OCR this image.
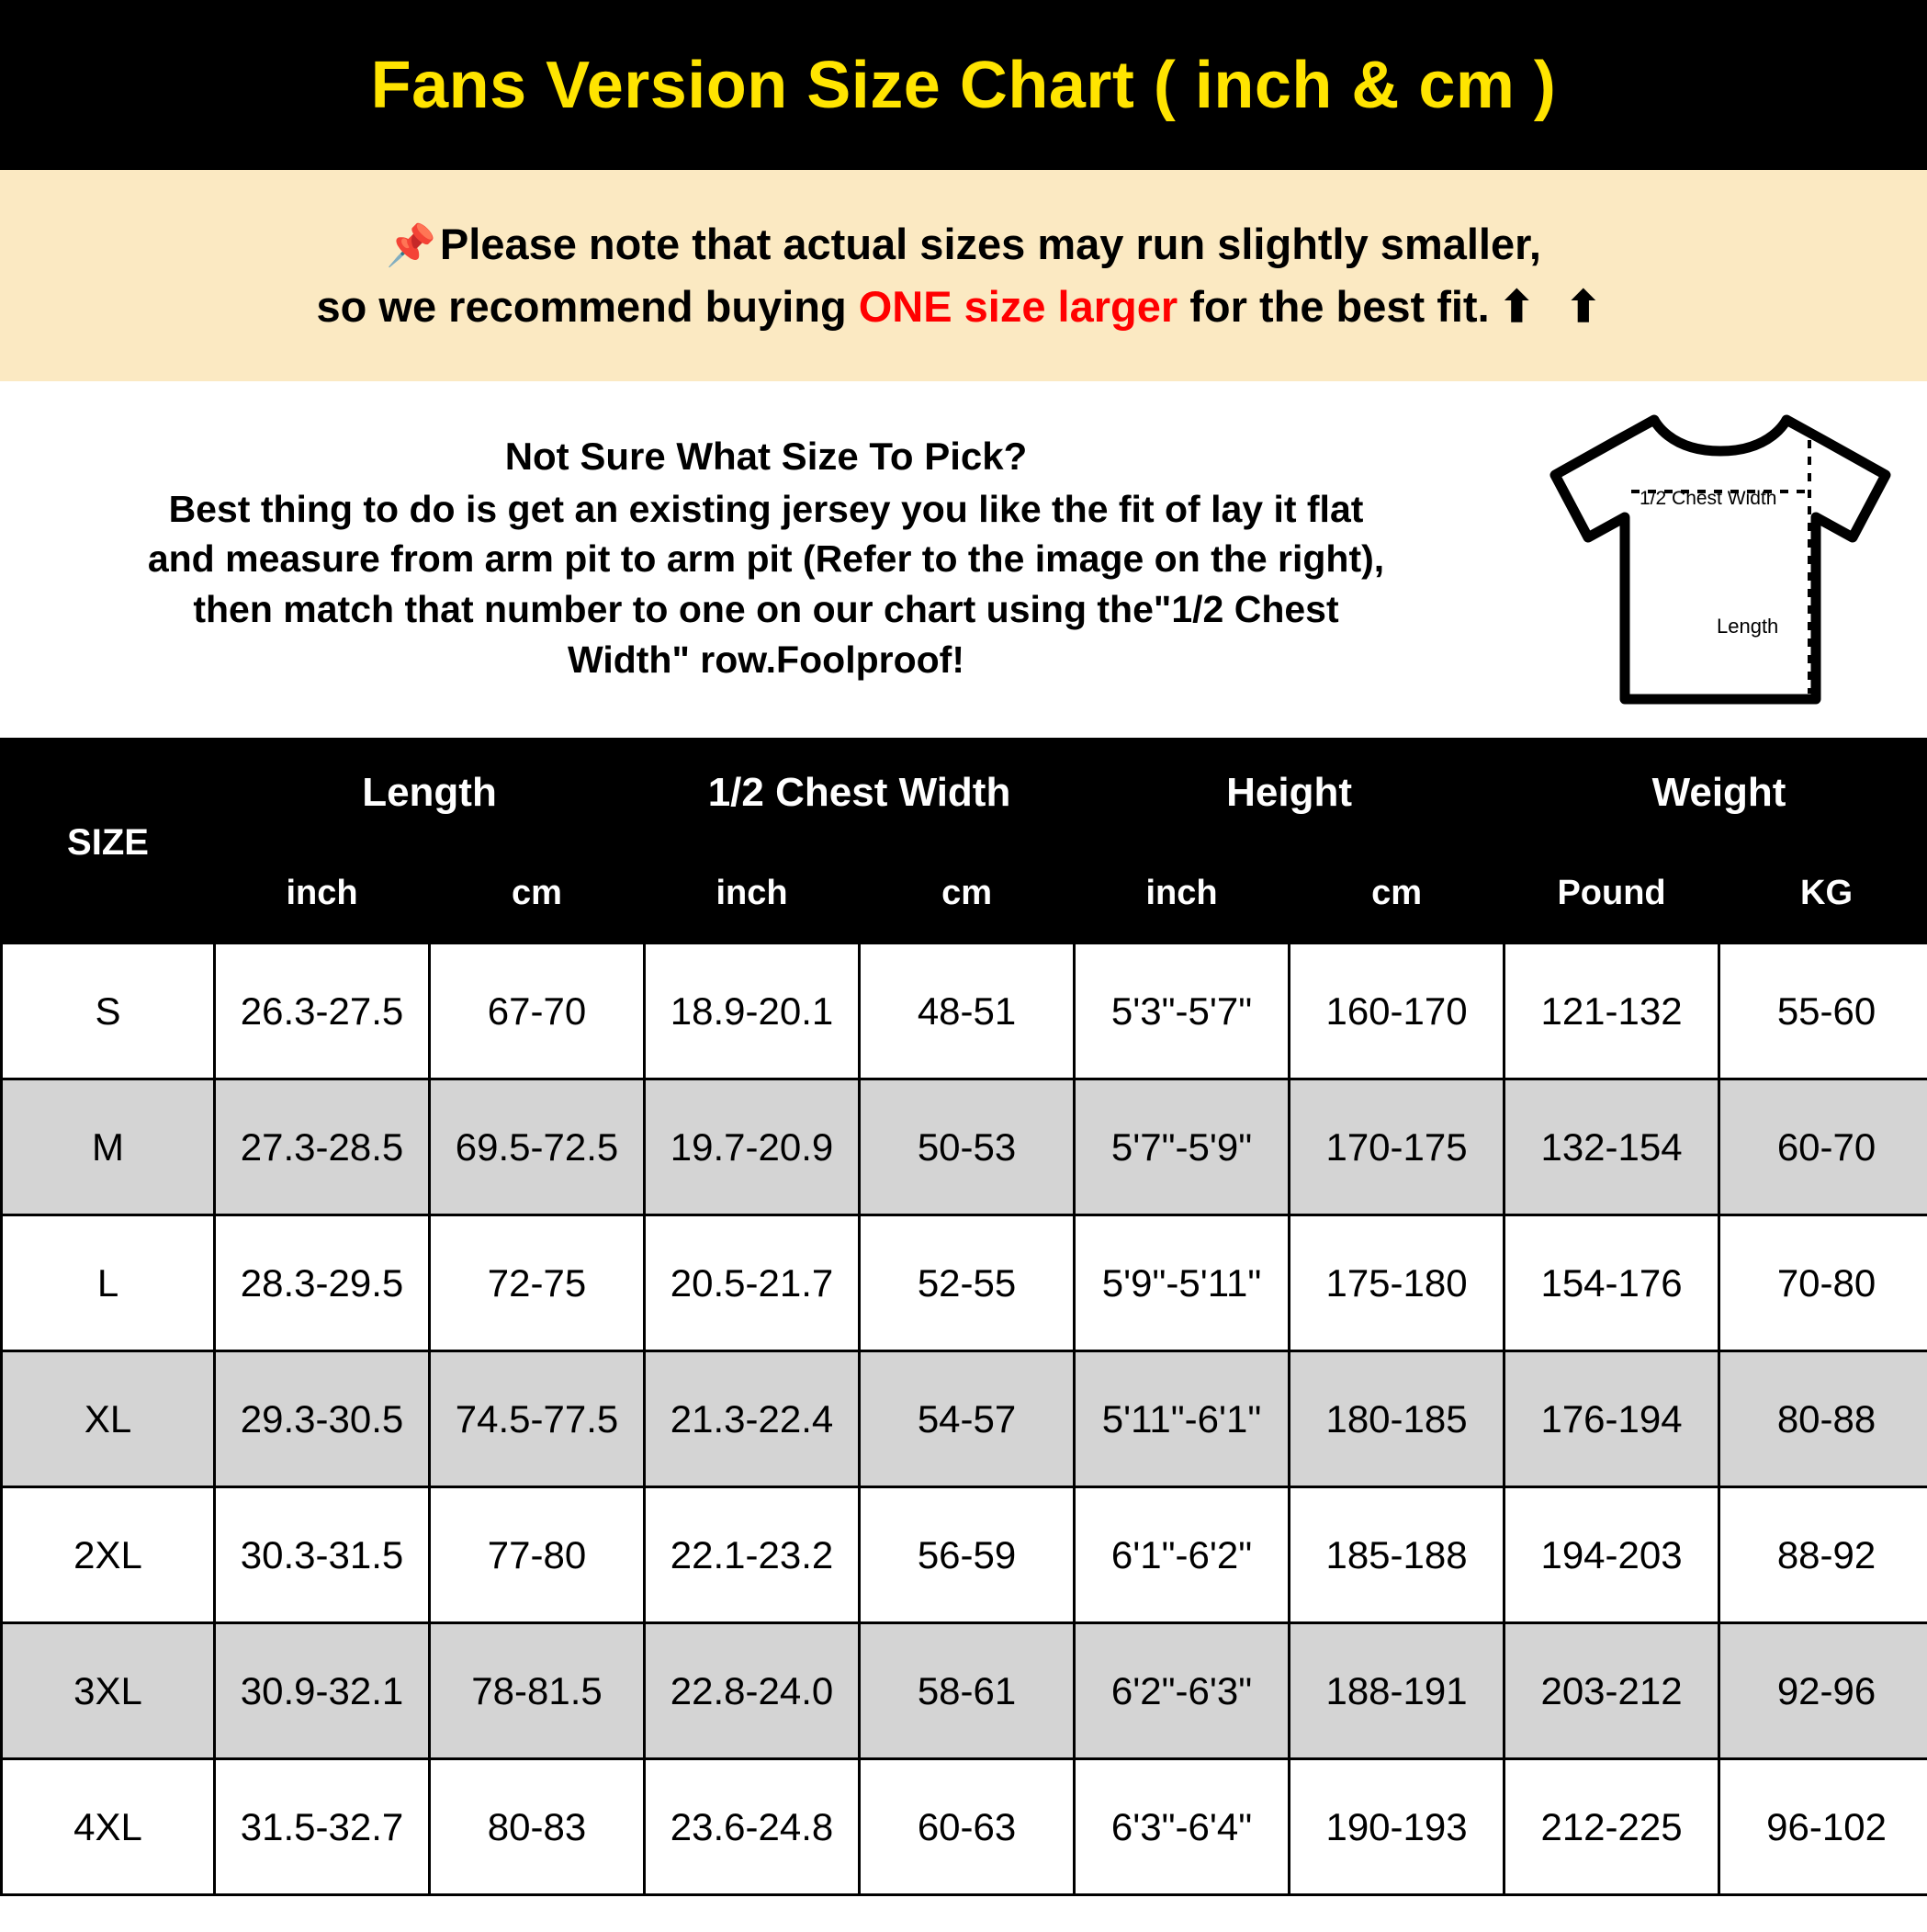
Fans Version Size Chart ( inch & cm )
📌Please note that actual sizes may run slightly smaller,
so we recommend buying ONE size larger for the best fit. ⬆ ⬆
Not Sure What Size To Pick?
Best thing to do is get an existing jersey you like the fit of lay it flat
and measure from arm pit to arm pit (Refer to the image on the right),
then match that number to one on our chart using the"1/2 Chest
Width" row.Foolproof!
1/2 Chest Width
Length
SIZE	Length		1/2 Chest Width		Height		Weight	
	inch	cm	inch	cm	inch	cm	Pound	KG
S	26.3-27.5	67-70	18.9-20.1	48-51	5'3"-5'7"	160-170	121-132	55-60
M	27.3-28.5	69.5-72.5	19.7-20.9	50-53	5'7"-5'9"	170-175	132-154	60-70
L	28.3-29.5	72-75	20.5-21.7	52-55	5'9"-5'11"	175-180	154-176	70-80
XL	29.3-30.5	74.5-77.5	21.3-22.4	54-57	5'11"-6'1"	180-185	176-194	80-88
2XL	30.3-31.5	77-80	22.1-23.2	56-59	6'1"-6'2"	185-188	194-203	88-92
3XL	30.9-32.1	78-81.5	22.8-24.0	58-61	6'2"-6'3"	188-191	203-212	92-96
4XL	31.5-32.7	80-83	23.6-24.8	60-63	6'3"-6'4"	190-193	212-225	96-102
